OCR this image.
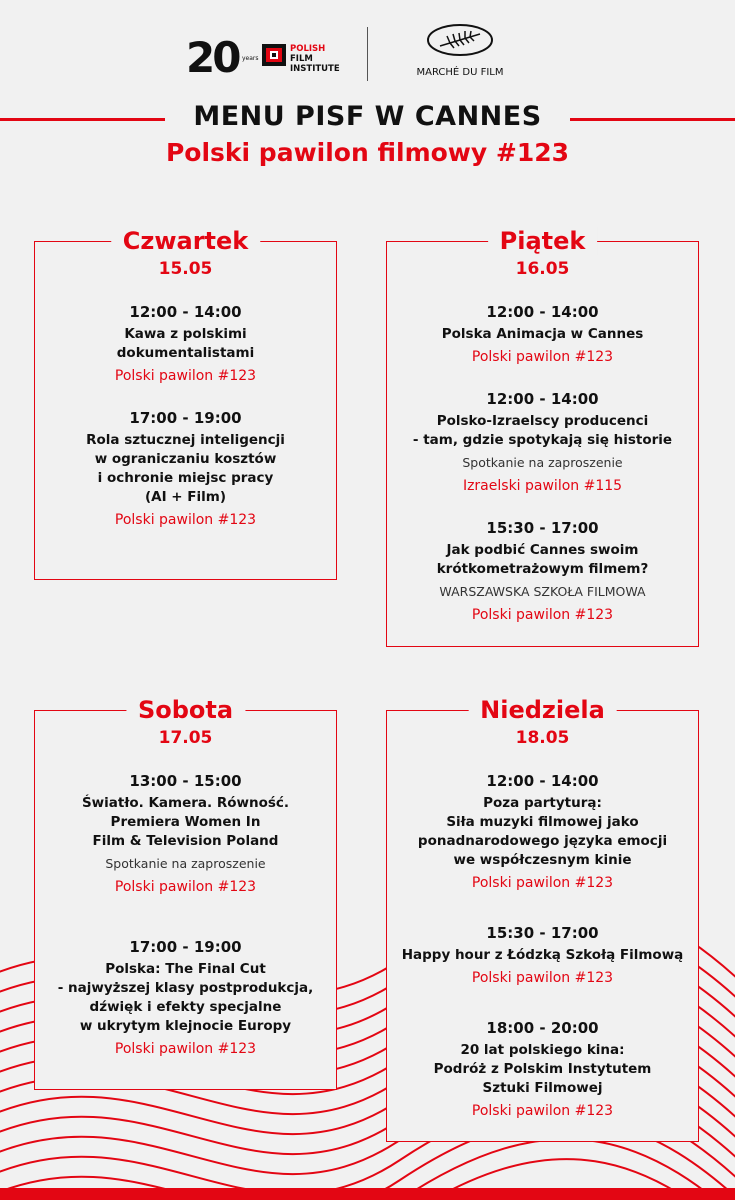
20 years
POLISH
FILM
INSTITUTE	MARCHÉ DU FILM
MENU PISF W CANNES
Polski pawilon filmowy #123
Czwartek
15.05
12:00 - 14:00
Kawa z polskimi
dokumentalistami
Polski pawilon #123
17:00 - 19:00
Rola sztucznej inteligencji
w ograniczaniu kosztów
i ochronie miejsc pracy
(AI + Film)
Polski pawilon #123
Piątek
16.05
12:00 - 14:00
Polska Animacja w Cannes
Polski pawilon #123
12:00 - 14:00
Polsko-Izraelscy producenci
- tam, gdzie spotykają się historie
Spotkanie na zaproszenie
Izraelski pawilon #115
15:30 - 17:00
Jak podbić Cannes swoim
krótkometrażowym filmem?
WARSZAWSKA SZKOŁA FILMOWA
Polski pawilon #123
Sobota
17.05
13:00 - 15:00
Światło. Kamera. Równość.
Premiera Women In
Film & Television Poland
Spotkanie na zaproszenie
Polski pawilon #123
17:00 - 19:00
Polska: The Final Cut
- najwyższej klasy postprodukcja,
dźwięk i efekty specjalne
w ukrytym klejnocie Europy
Polski pawilon #123
Niedziela
18.05
12:00 - 14:00
Poza partyturą:
Siła muzyki filmowej jako
ponadnarodowego języka emocji
we współczesnym kinie
Polski pawilon #123
15:30 - 17:00
Happy hour z Łódzką Szkołą Filmową
Polski pawilon #123
18:00 - 20:00
20 lat polskiego kina:
Podróż z Polskim Instytutem
Sztuki Filmowej
Polski pawilon #123
